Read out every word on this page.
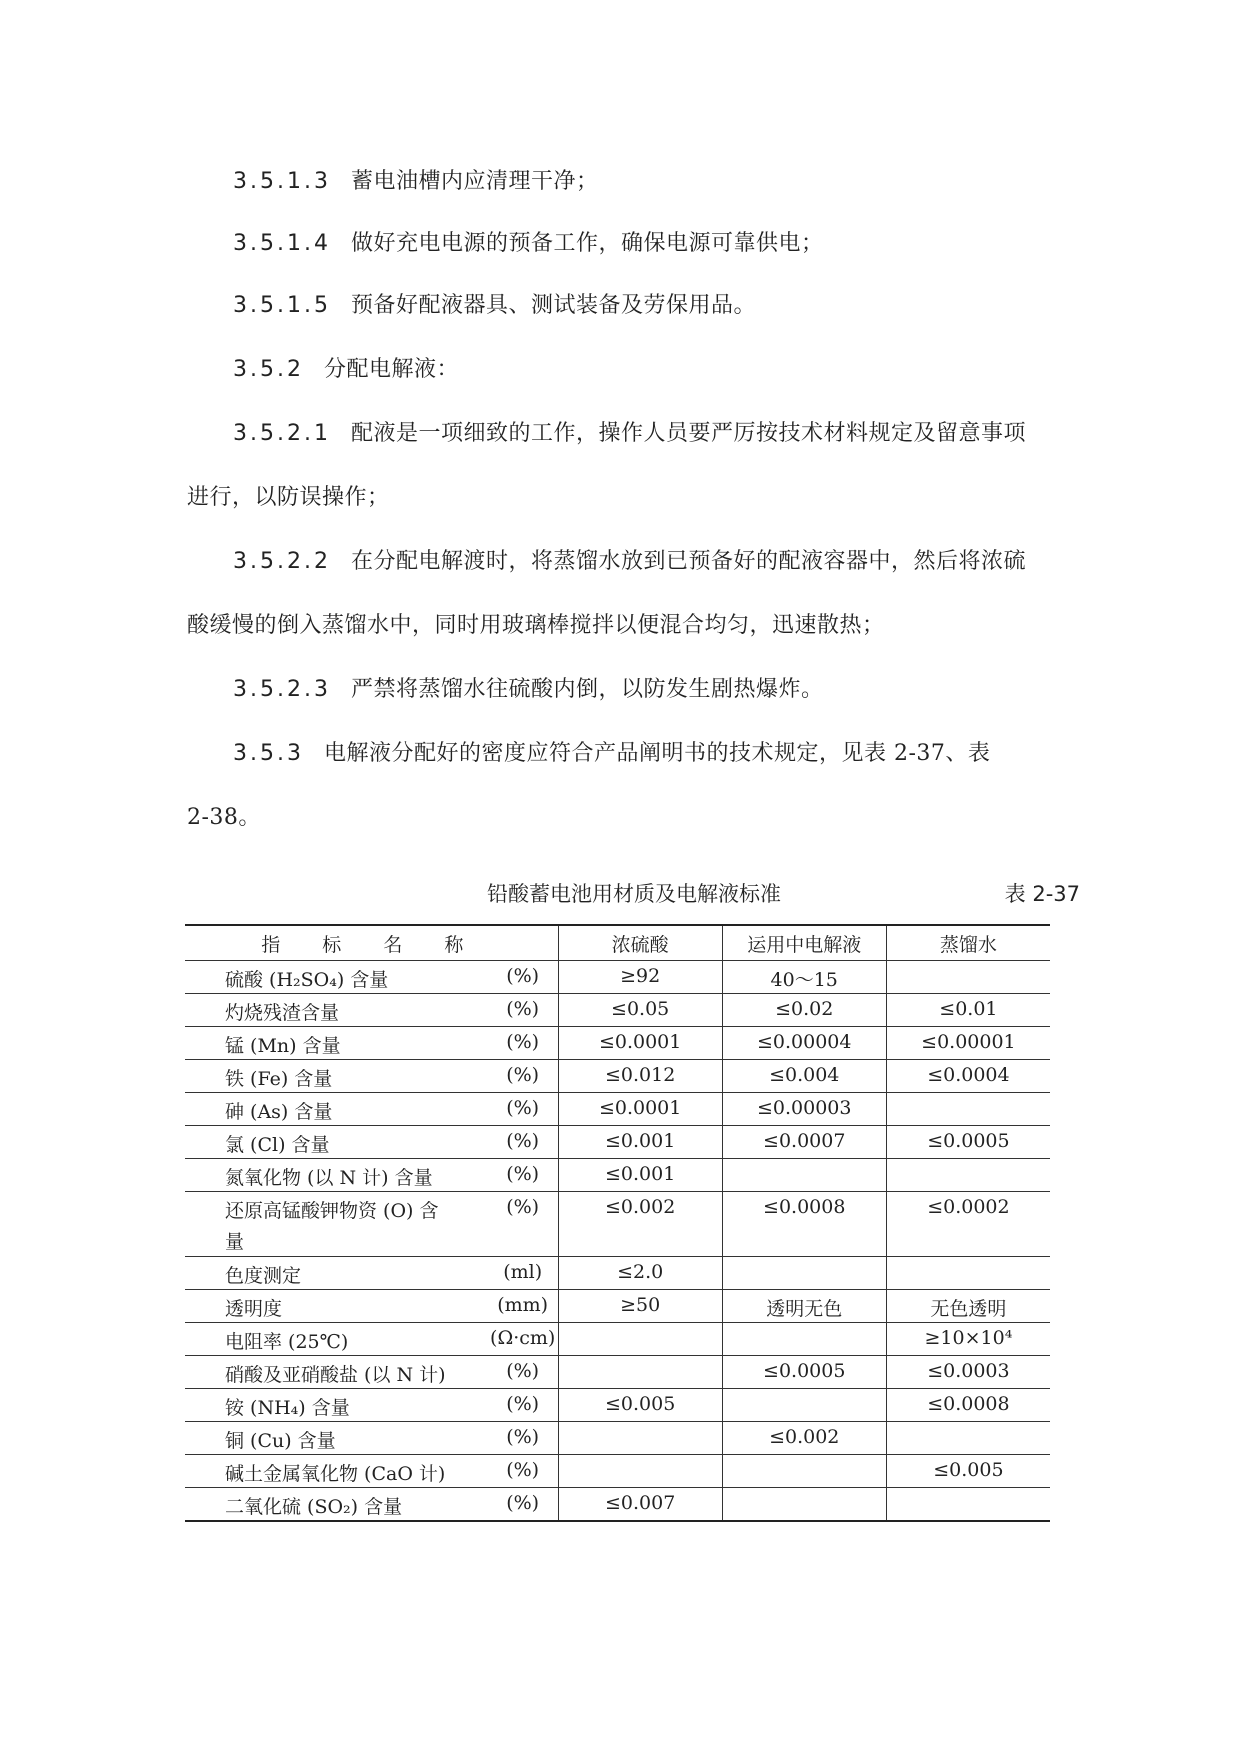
3.5.1.3 蓄电油槽内应清理干净；
3.5.1.4 做好充电电源的预备工作，确保电源可靠供电；
3.5.1.5 预备好配液器具、测试装备及劳保用品。
3.5.2 分配电解液：
3.5.2.1 配液是一项细致的工作，操作人员要严厉按技术材料规定及留意事项
进行，以防误操作；
3.5.2.2 在分配电解渡时，将蒸馏水放到已预备好的配液容器中，然后将浓硫
酸缓慢的倒入蒸馏水中，同时用玻璃棒搅拌以便混合均匀，迅速散热；
3.5.2.3 严禁将蒸馏水往硫酸内倒，以防发生剧热爆炸。
3.5.3 电解液分配好的密度应符合产品阐明书的技术规定，见表 2-37、表
2-38。
铅酸蓄电池用材质及电解液标准	表 2-37
指 标 名 称		浓硫酸	运用中电解液	蒸馏水

硫酸 (H₂SO₄) 含量	(%)	≥92	40～15	

灼烧残渣含量	(%)	≤0.05	≤0.02	≤0.01

锰 (Mn) 含量	(%)	≤0.0001	≤0.00004	≤0.00001

铁 (Fe) 含量	(%)	≤0.012	≤0.004	≤0.0004

砷 (As) 含量	(%)	≤0.0001	≤0.00003	

氯 (Cl) 含量	(%)	≤0.001	≤0.0007	≤0.0005

氮氧化物 (以 N 计) 含量	(%)	≤0.001		

还原高锰酸钾物资 (O) 含
量	(%)	≤0.002	≤0.0008	≤0.0002

色度测定	(ml)	≤2.0		

透明度	(mm)	≥50	透明无色	无色透明

电阻率 (25℃)	(Ω·cm)			≥10×10⁴

硝酸及亚硝酸盐 (以 N 计)	(%)		≤0.0005	≤0.0003

铵 (NH₄) 含量	(%)	≤0.005		≤0.0008

铜 (Cu) 含量	(%)		≤0.002	

碱土金属氧化物 (CaO 计)	(%)			≤0.005

二氧化硫 (SO₂) 含量	(%)	≤0.007		
